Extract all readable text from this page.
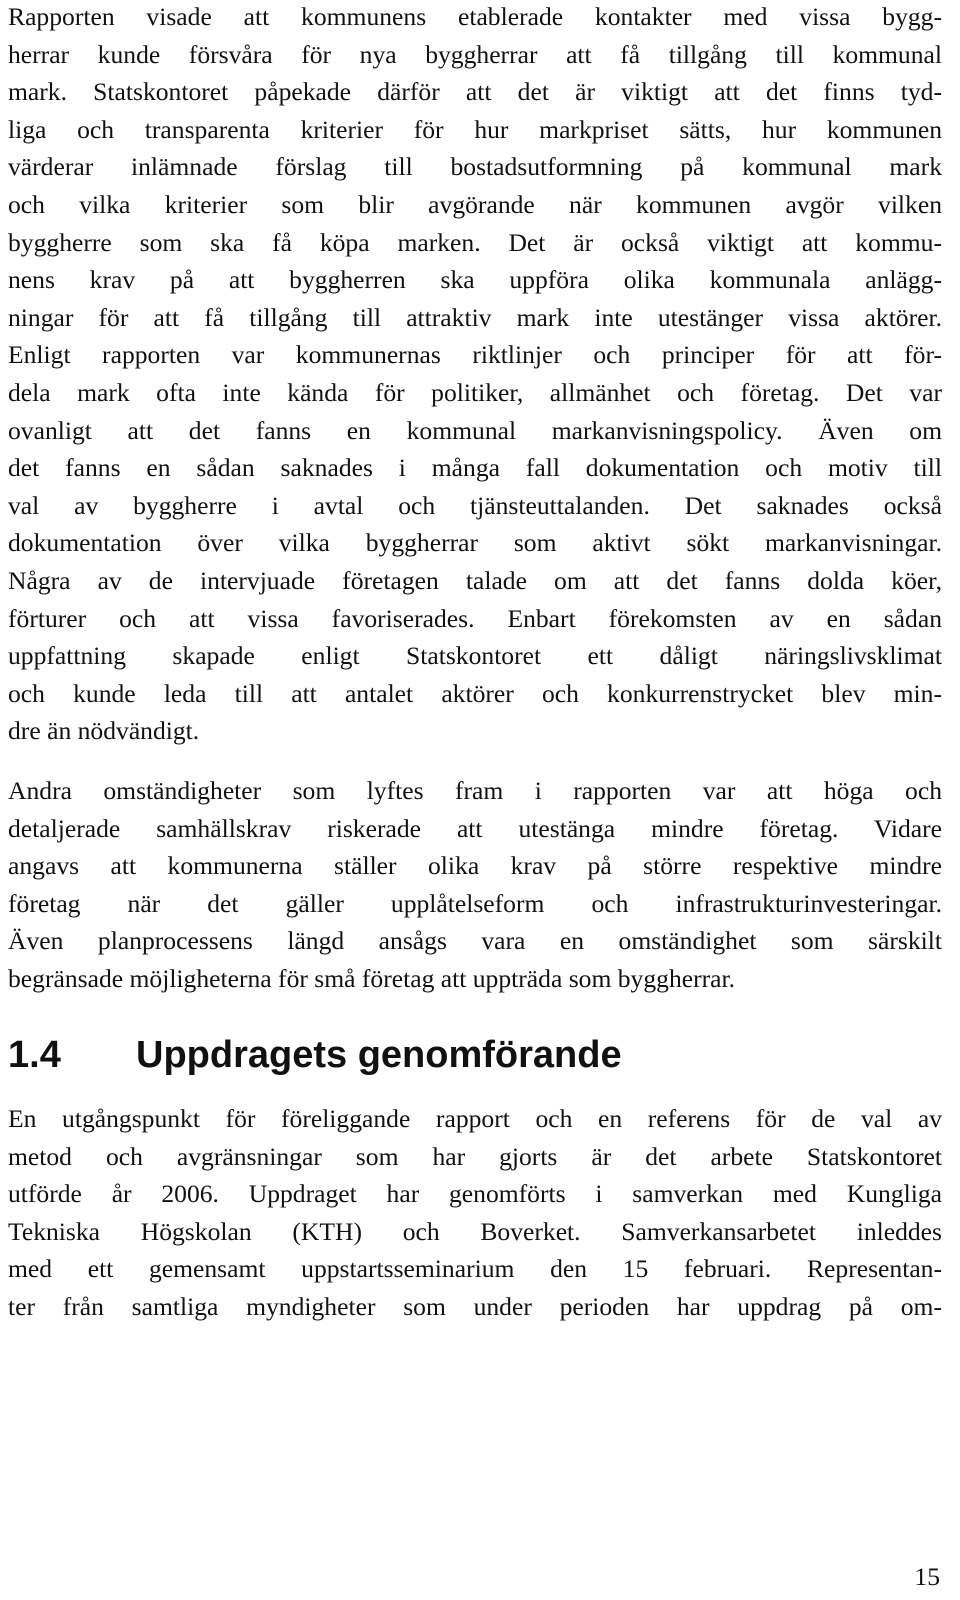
Rapporten visade att kommunens etablerade kontakter med vissa bygg-
herrar kunde försvåra för nya byggherrar att få tillgång till kommunal
mark. Statskontoret påpekade därför att det är viktigt att det finns tyd-
liga och transparenta kriterier för hur markpriset sätts, hur kommunen
värderar inlämnade förslag till bostadsutformning på kommunal mark
och vilka kriterier som blir avgörande när kommunen avgör vilken
byggherre som ska få köpa marken. Det är också viktigt att kommu-
nens krav på att byggherren ska uppföra olika kommunala anlägg-
ningar för att få tillgång till attraktiv mark inte utestänger vissa aktörer.
Enligt rapporten var kommunernas riktlinjer och principer för att för-
dela mark ofta inte kända för politiker, allmänhet och företag. Det var
ovanligt att det fanns en kommunal markanvisningspolicy. Även om
det fanns en sådan saknades i många fall dokumentation och motiv till
val av byggherre i avtal och tjänsteuttalanden. Det saknades också
dokumentation över vilka byggherrar som aktivt sökt markanvisningar.
Några av de intervjuade företagen talade om att det fanns dolda köer,
förturer och att vissa favoriserades. Enbart förekomsten av en sådan
uppfattning skapade enligt Statskontoret ett dåligt näringslivsklimat
och kunde leda till att antalet aktörer och konkurrenstrycket blev min-
dre än nödvändigt.

Andra omständigheter som lyftes fram i rapporten var att höga och
detaljerade samhällskrav riskerade att utestänga mindre företag. Vidare
angavs att kommunerna ställer olika krav på större respektive mindre
företag när det gäller upplåtelseform och infrastrukturinvesteringar.
Även planprocessens längd ansågs vara en omständighet som särskilt
begränsade möjligheterna för små företag att uppträda som byggherrar.

1.4 Uppdragets genomförande

En utgångspunkt för föreliggande rapport och en referens för de val av
metod och avgränsningar som har gjorts är det arbete Statskontoret
utförde år 2006. Uppdraget har genomförts i samverkan med Kungliga
Tekniska Högskolan (KTH) och Boverket. Samverkansarbetet inleddes
med ett gemensamt uppstartsseminarium den 15 februari. Representan-
ter från samtliga myndigheter som under perioden har uppdrag på om-

15
